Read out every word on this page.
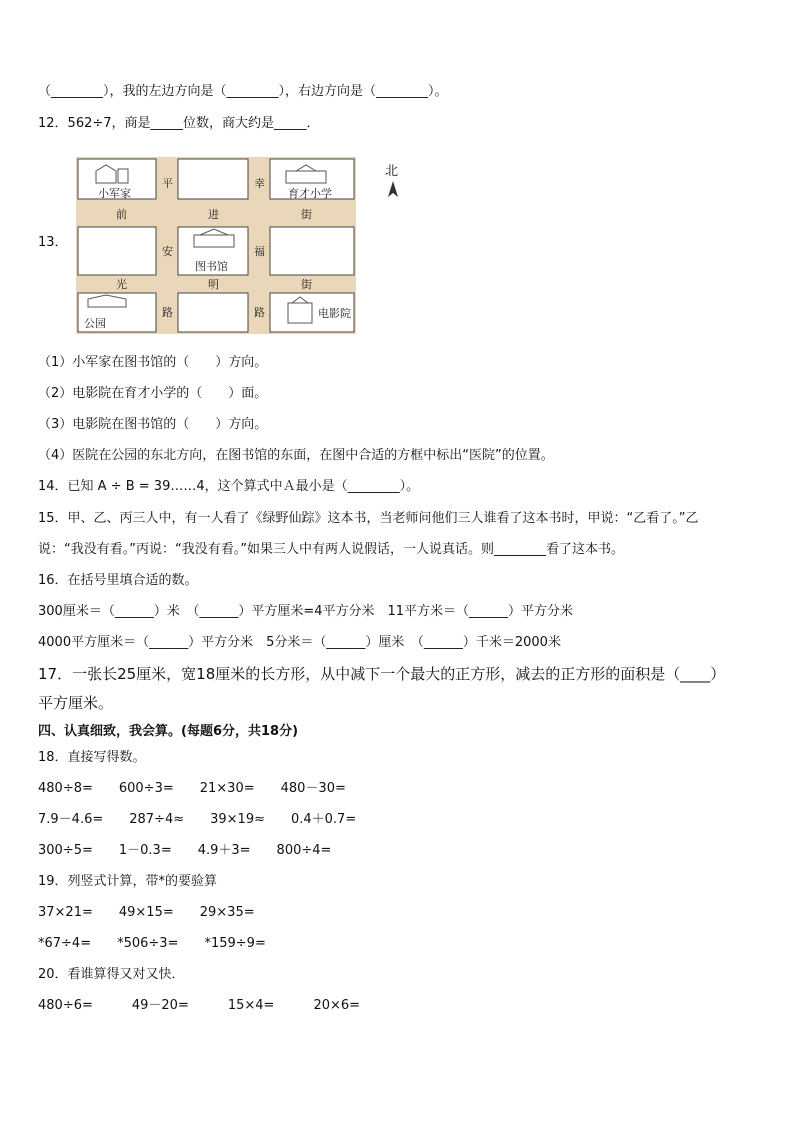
（________），我的左边方向是（________），右边方向是（________）。
12．562÷7，商是_____位数，商大约是_____．
13．
小军家	育才小学
图书馆
公园
电影院
平	幸
前	进	街
安	福
光	明	街
路	路
北
（1）小军家在图书馆的（　　）方向。
（2）电影院在育才小学的（　　）面。
（3）电影院在图书馆的（　　）方向。
（4）医院在公园的东北方向，在图书馆的东面，在图中合适的方框中标出“医院”的位置。
14．已知 A ÷ B = 39……4，这个算式中Ａ最小是（________）。
15．甲、乙、丙三人中，有一人看了《绿野仙踪》这本书，当老师问他们三人谁看了这本书时，甲说：“乙看了。”乙
说：“我没有看。”丙说：“我没有看。”如果三人中有两人说假话，一人说真话。则________看了这本书。
16．在括号里填合适的数。
300厘米＝（______）米　（______）平方厘米=4平方分米　11平方米＝（______）平方分米
4000平方厘米＝（______）平方分米　5分米＝（______）厘米　（______）千米＝2000米
17．一张长25厘米，宽18厘米的长方形，从中减下一个最大的正方形，减去的正方形的面积是（____）
平方厘米。
四、认真细致，我会算。(每题6分，共18分)
18．直接写得数。
480÷8=　　600÷3=　　21×30=　　480－30=
7.9－4.6=　　287÷4≈　　39×19≈　　0.4＋0.7=
300÷5=　　1－0.3=　　4.9＋3=　　800÷4=
19．列竖式计算，带*的要验算
37×21=　　49×15=　　29×35=
*67÷4=　　*506÷3=　　*159÷9=
20．看谁算得又对又快．
480÷6=　　　49－20=　　　15×4=　　　20×6=
